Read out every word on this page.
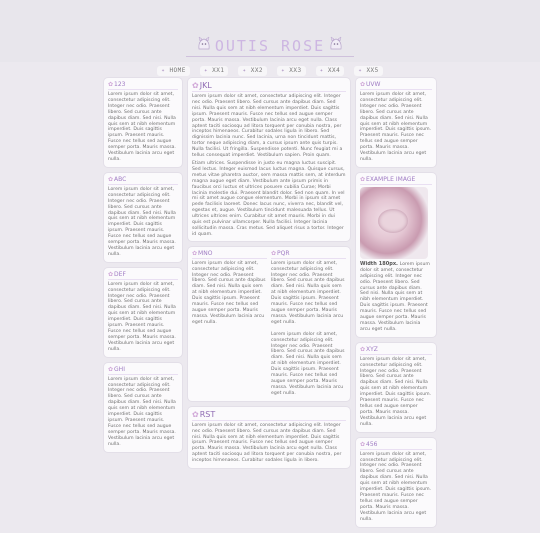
OUTIS ROSE
✦ HOME	✦ XX1	✦ XX2	✦ XX3	✦ XX4	✦ XX5
✿ 123
Lorem ipsum dolor sit amet, consectetur adipiscing elit. Integer nec odio. Praesent libero. Sed cursus ante dapibus diam. Sed nisi. Nulla quis sem at nibh elementum imperdiet. Duis sagittis ipsum. Praesent mauris. Fusce nec tellus sed augue semper porta. Mauris massa. Vestibulum lacinia arcu eget nulla.
✿ ABC
Lorem ipsum dolor sit amet, consectetur adipiscing elit. Integer nec odio. Praesent libero. Sed cursus ante dapibus diam. Sed nisi. Nulla quis sem at nibh elementum imperdiet. Duis sagittis ipsum. Praesent mauris. Fusce nec tellus sed augue semper porta. Mauris massa. Vestibulum lacinia arcu eget nulla.
✿ DEF
Lorem ipsum dolor sit amet, consectetur adipiscing elit. Integer nec odio. Praesent libero. Sed cursus ante dapibus diam. Sed nisi. Nulla quis sem at nibh elementum imperdiet. Duis sagittis ipsum. Praesent mauris. Fusce nec tellus sed augue semper porta. Mauris massa. Vestibulum lacinia arcu eget nulla.
✿ GHI
Lorem ipsum dolor sit amet, consectetur adipiscing elit. Integer nec odio. Praesent libero. Sed cursus ante dapibus diam. Sed nisi. Nulla quis sem at nibh elementum imperdiet. Duis sagittis ipsum. Praesent mauris. Fusce nec tellus sed augue semper porta. Mauris massa. Vestibulum lacinia arcu eget nulla.
✿ JKL
Lorem ipsum dolor sit amet, consectetur adipiscing elit. Integer nec odio. Praesent libero. Sed cursus ante dapibus diam. Sed nisi. Nulla quis sem at nibh elementum imperdiet. Duis sagittis ipsum. Praesent mauris. Fusce nec tellus sed augue semper porta. Mauris massa. Vestibulum lacinia arcu eget nulla. Class aptent taciti sociosqu ad litora torquent per conubia nostra, per inceptos himenaeos. Curabitur sodales ligula in libero. Sed dignissim lacinia nunc. Sed lacinia, urna non tincidunt mattis, tortor neque adipiscing diam, a cursus ipsum ante quis turpis. Nulla facilisi. Ut fringilla. Suspendisse potenti. Nunc feugiat mi a tellus consequat imperdiet. Vestibulum sapien. Proin quam.
Etiam ultrices. Suspendisse in justo eu magna luctus suscipit. Sed lectus. Integer euismod lacus luctus magna. Quisque cursus, metus vitae pharetra auctor, sem massa mattis sem, at interdum magna augue eget diam. Vestibulum ante ipsum primis in faucibus orci luctus et ultrices posuere cubilia Curae; Morbi lacinia molestie dui. Praesent blandit dolor. Sed non quam. In vel mi sit amet augue congue elementum. Morbi in ipsum sit amet pede facilisis laoreet. Donec lacus nunc, viverra nec, blandit vel, egestas et, augue. Vestibulum tincidunt malesuada tellus. Ut ultrices ultrices enim. Curabitur sit amet mauris. Morbi in dui quis est pulvinar ullamcorper. Nulla facilisi. Integer lacinia sollicitudin massa. Cras metus. Sed aliquet risus a tortor. Integer id quam.
✿ MNO
Lorem ipsum dolor sit amet, consectetur adipiscing elit. Integer nec odio. Praesent libero. Sed cursus ante dapibus diam. Sed nisi. Nulla quis sem at nibh elementum imperdiet. Duis sagittis ipsum. Praesent mauris. Fusce nec tellus sed augue semper porta. Mauris massa. Vestibulum lacinia arcu eget nulla.
✿ PQR
Lorem ipsum dolor sit amet, consectetur adipiscing elit. Integer nec odio. Praesent libero. Sed cursus ante dapibus diam. Sed nisi. Nulla quis sem at nibh elementum imperdiet. Duis sagittis ipsum. Praesent mauris. Fusce nec tellus sed augue semper porta. Mauris massa. Vestibulum lacinia arcu eget nulla.
Lorem ipsum dolor sit amet, consectetur adipiscing elit. Integer nec odio. Praesent libero. Sed cursus ante dapibus diam. Sed nisi. Nulla quis sem at nibh elementum imperdiet. Duis sagittis ipsum. Praesent mauris. Fusce nec tellus sed augue semper porta. Mauris massa. Vestibulum lacinia arcu eget nulla.
✿ RST
Lorem ipsum dolor sit amet, consectetur adipiscing elit. Integer nec odio. Praesent libero. Sed cursus ante dapibus diam. Sed nisi. Nulla quis sem at nibh elementum imperdiet. Duis sagittis ipsum. Praesent mauris. Fusce nec tellus sed augue semper porta. Mauris massa. Vestibulum lacinia arcu eget nulla. Class aptent taciti sociosqu ad litora torquent per conubia nostra, per inceptos himenaeos. Curabitur sodales ligula in libero.
✿ UVW
Lorem ipsum dolor sit amet, consectetur adipiscing elit. Integer nec odio. Praesent libero. Sed cursus ante dapibus diam. Sed nisi. Nulla quis sem at nibh elementum imperdiet. Duis sagittis ipsum. Praesent mauris. Fusce nec tellus sed augue semper porta. Mauris massa. Vestibulum lacinia arcu eget nulla.
✿ EXAMPLE IMAGE
Width 180px. Lorem ipsum dolor sit amet, consectetur adipiscing elit. Integer nec odio. Praesent libero. Sed cursus ante dapibus diam. Sed nisi. Nulla quis sem at nibh elementum imperdiet. Duis sagittis ipsum. Praesent mauris. Fusce nec tellus sed augue semper porta. Mauris massa. Vestibulum lacinia arcu eget nulla.
✿ XYZ
Lorem ipsum dolor sit amet, consectetur adipiscing elit. Integer nec odio. Praesent libero. Sed cursus ante dapibus diam. Sed nisi. Nulla quis sem at nibh elementum imperdiet. Duis sagittis ipsum. Praesent mauris. Fusce nec tellus sed augue semper porta. Mauris massa. Vestibulum lacinia arcu eget nulla.
✿ 456
Lorem ipsum dolor sit amet, consectetur adipiscing elit. Integer nec odio. Praesent libero. Sed cursus ante dapibus diam. Sed nisi. Nulla quis sem at nibh elementum imperdiet. Duis sagittis ipsum. Praesent mauris. Fusce nec tellus sed augue semper porta. Mauris massa. Vestibulum lacinia arcu eget nulla.
